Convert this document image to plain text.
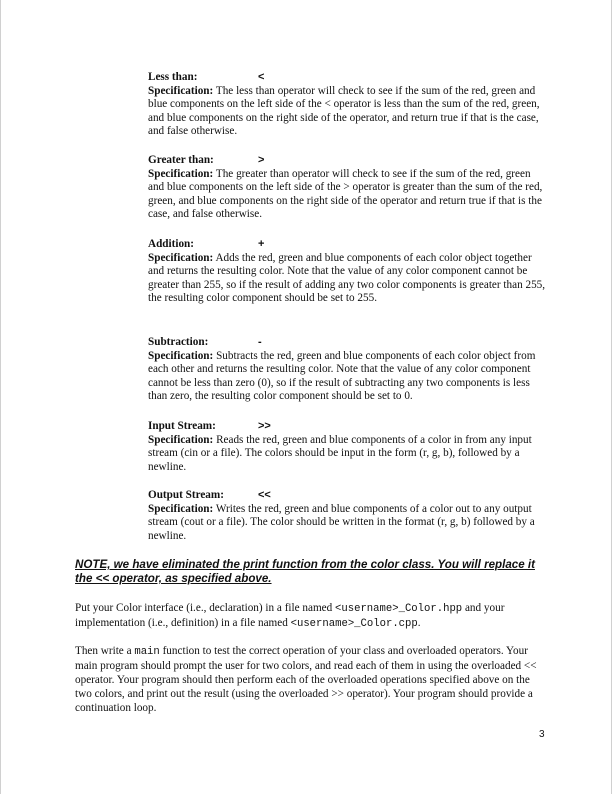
Less than:	<

Specification: The less than operator will check to see if the sum of the red, green and blue components on the left side of the < operator is less than the sum of the red, green, and blue components on the right side of the operator, and return true if that is the case, and false otherwise.

Greater than:	>

Specification: The greater than operator will check to see if the sum of the red, green and blue components on the left side of the > operator is greater than the sum of the red, green, and blue components on the right side of the operator and return true if that is the case, and false otherwise.

Addition:	+

Specification: Adds the red, green and blue components of each color object together and returns the resulting color. Note that the value of any color component cannot be greater than 255, so if the result of adding any two color components is greater than 255, the resulting color component should be set to 255.

Subtraction:	-

Specification: Subtracts the red, green and blue components of each color object from each other and returns the resulting color. Note that the value of any color component cannot be less than zero (0), so if the result of subtracting any two components is less than zero, the resulting color component should be set to 0.

Input Stream:	>>

Specification: Reads the red, green and blue components of a color in from any input stream (cin or a file). The colors should be input in the form (r, g, b), followed by a newline.

Output Stream:	<<

Specification: Writes the red, green and blue components of a color out to any output stream (cout or a file). The color should be written in the format (r, g, b) followed by a newline.

NOTE, we have eliminated the print function from the color class. You will replace it the << operator, as specified above.

Put your Color interface (i.e., declaration) in a file named <username>_Color.hpp and your implementation (i.e., definition) in a file named <username>_Color.cpp.

Then write a main function to test the correct operation of your class and overloaded operators. Your main program should prompt the user for two colors, and read each of them in using the overloaded << operator. Your program should then perform each of the overloaded operations specified above on the two colors, and print out the result (using the overloaded >> operator). Your program should provide a continuation loop.

3
